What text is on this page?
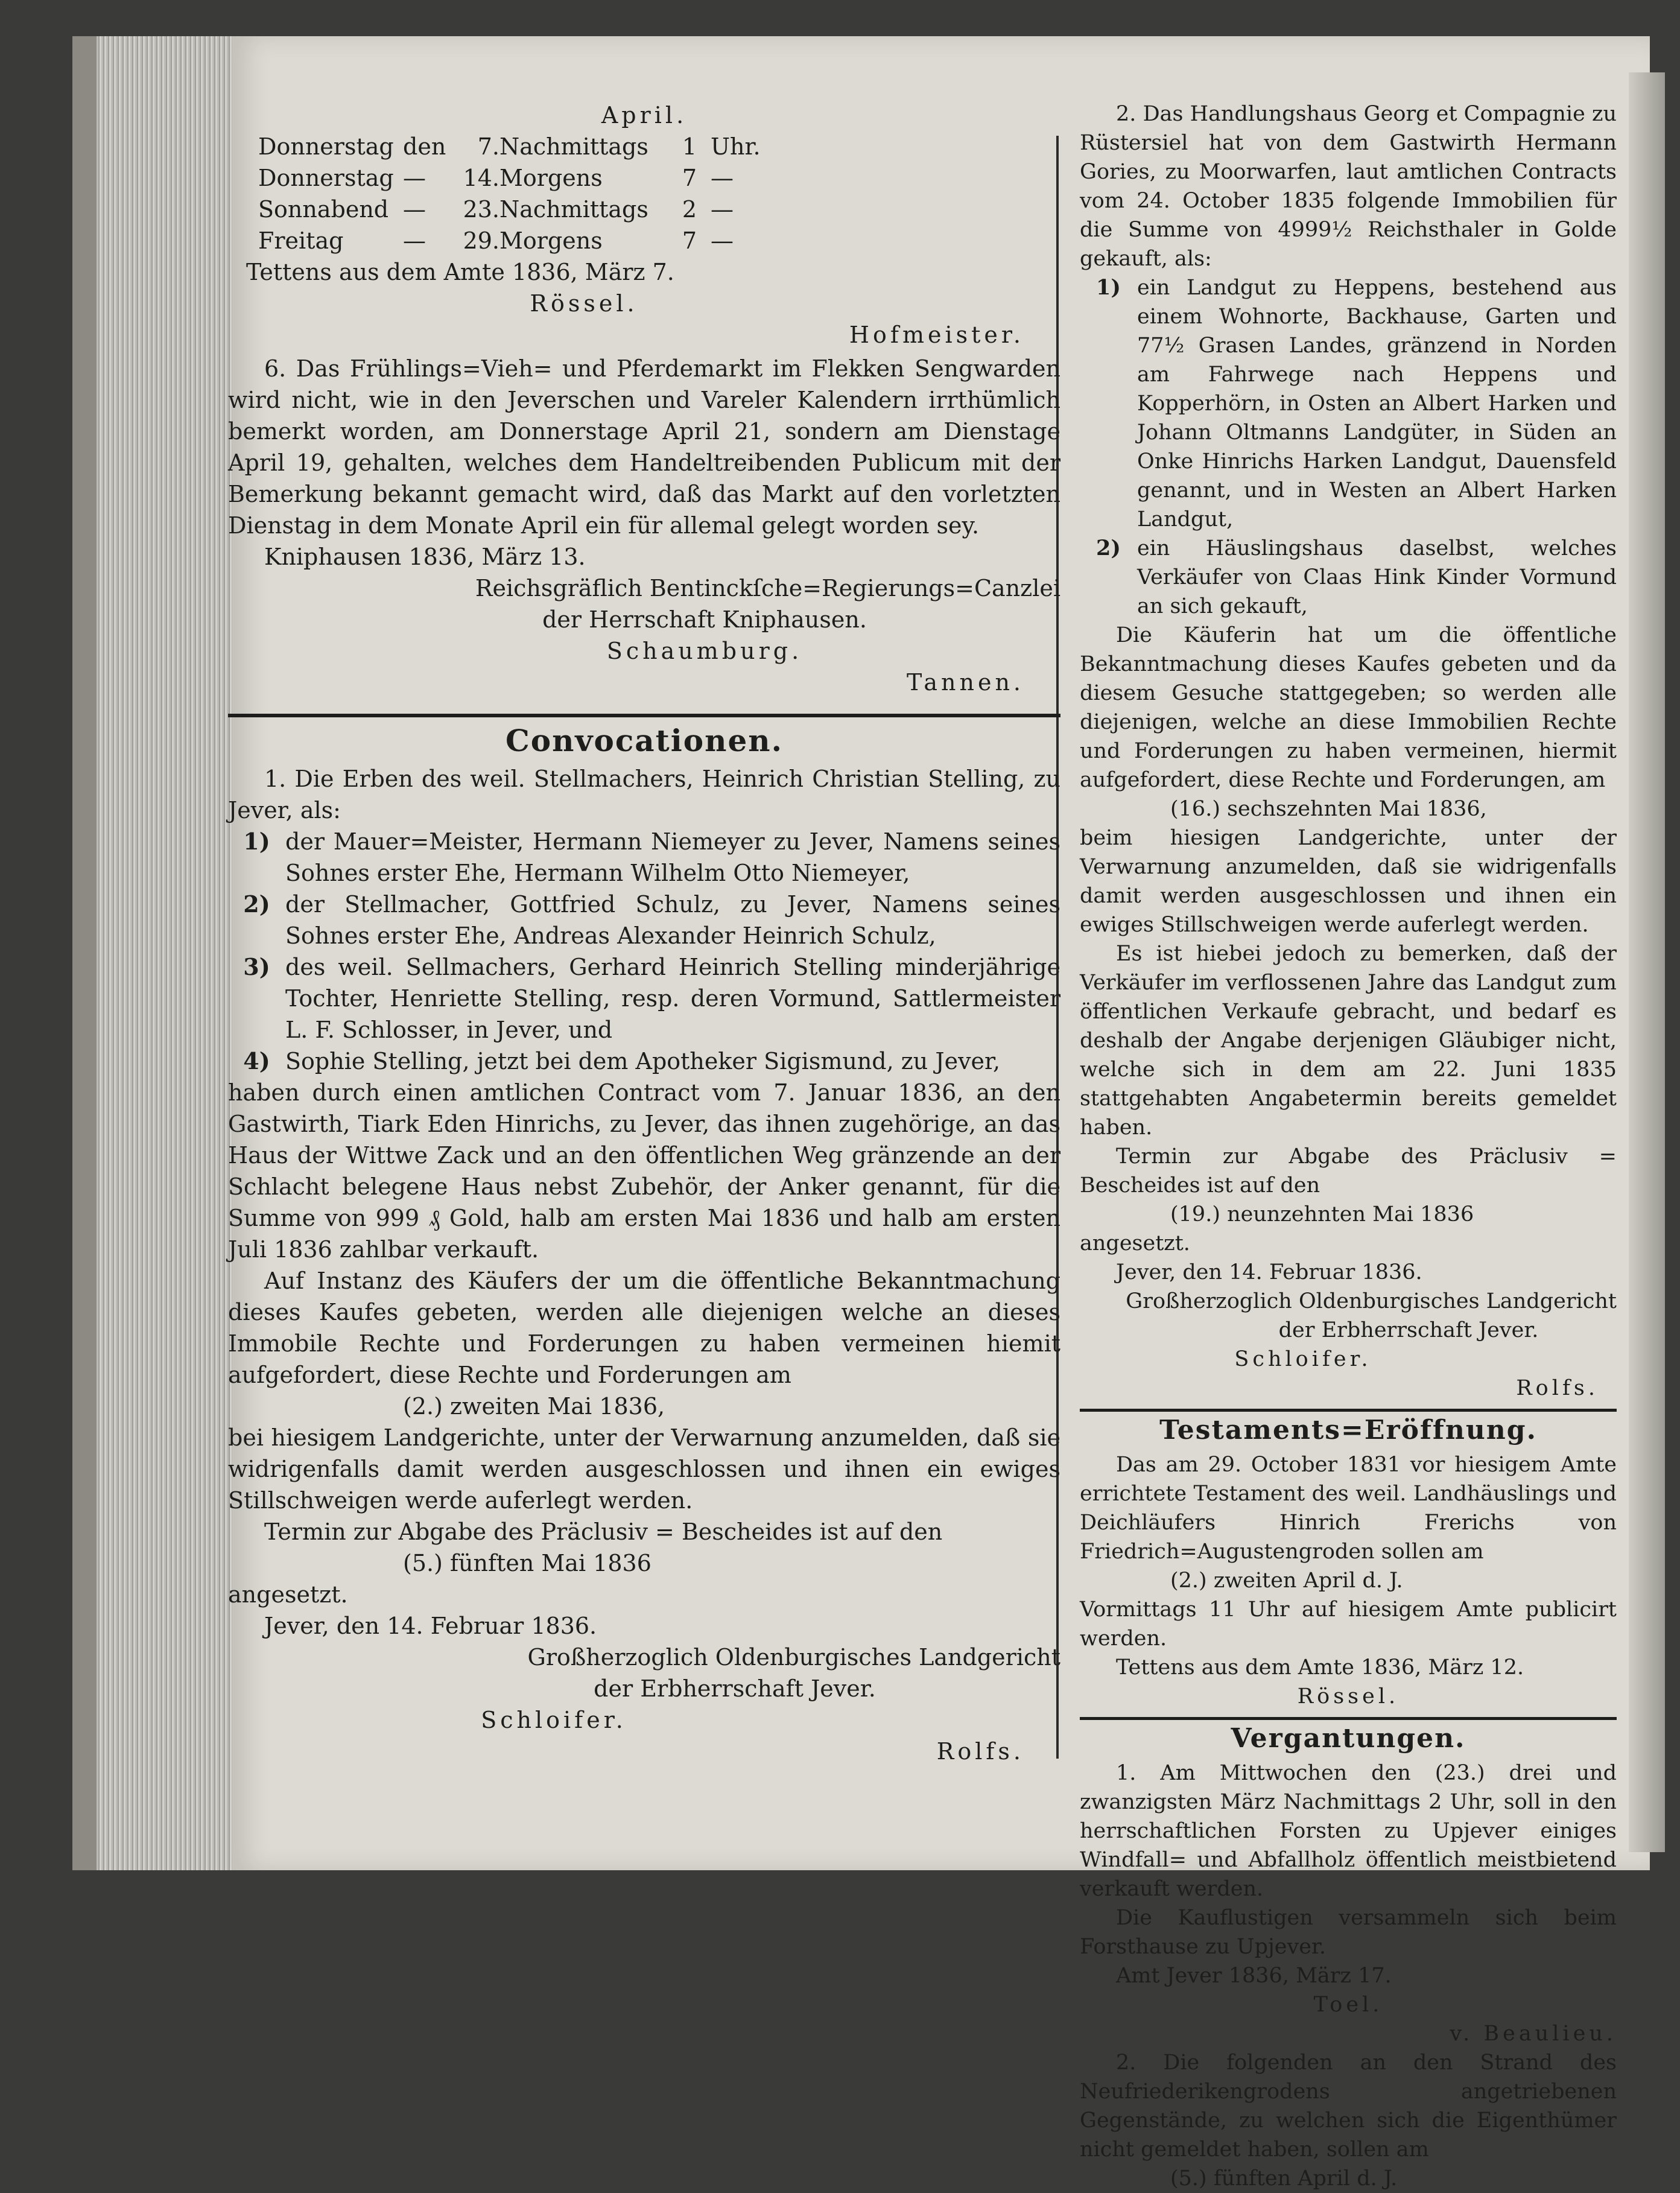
April.

Donnerstag den	7. Nachmittags	1 Uhr.
Donnerstag —	14. Morgens	7 —
Sonnabend —	23. Nachmittags	2 —
Freitag	—	29. Morgens	7 —

Tettens aus dem Amte 1836, März 7.

Rössel.

Hofmeister.

6. Das Frühlings=Vieh= und Pferdemarkt im Flekken Sengwarden wird nicht, wie in den Jeverschen und Vareler Kalendern irrthümlich bemerkt worden, am Donnerstage April 21, sondern am Dienstage April 19, gehalten, welches dem Handeltreibenden Publicum mit der Bemerkung bekannt gemacht wird, daß das Markt auf den vorletzten Dienstag in dem Monate April ein für allemal gelegt worden sey.

Kniphausen 1836, März 13.

Reichsgräflich Bentinckſche=Regierungs=Canzlei

der Herrschaft Kniphausen.

Schaumburg.

Tannen.

Convocationen.

1. Die Erben des weil. Stellmachers, Heinrich Christian Stelling, zu Jever, als:

1) der Mauer=Meister, Hermann Niemeyer zu Jever, Namens seines Sohnes erster Ehe, Hermann Wilhelm Otto Niemeyer,
2) der Stellmacher, Gottfried Schulz, zu Jever, Namens seines Sohnes erster Ehe, Andreas Alexander Heinrich Schulz,
3) des weil. Sellmachers, Gerhard Heinrich Stelling minderjährige Tochter, Henriette Stelling, resp. deren Vormund, Sattlermeister L. F. Schlosser, in Jever, und
4) Sophie Stelling, jetzt bei dem Apotheker Sigismund, zu Jever,

haben durch einen amtlichen Contract vom 7. Januar 1836, an den Gastwirth, Tiark Eden Hinrichs, zu Jever, das ihnen zugehörige, an das Haus der Wittwe Zack und an den öffentlichen Weg gränzende an der Schlacht belegene Haus nebst Zubehör, der Anker genannt, für die Summe von 999 ₰ Gold, halb am ersten Mai 1836 und halb am ersten Juli 1836 zahlbar verkauft.

Auf Instanz des Käufers der um die öffentliche Bekanntmachung dieses Kaufes gebeten, werden alle diejenigen welche an dieses Immobile Rechte und Forderungen zu haben vermeinen hiemit aufgefordert, diese Rechte und Forderungen am

(2.) zweiten Mai 1836,

bei hiesigem Landgerichte, unter der Verwarnung anzumelden, daß sie widrigenfalls damit werden ausgeschlossen und ihnen ein ewiges Stillschweigen werde auferlegt werden.

Termin zur Abgabe des Präclusiv = Bescheides ist auf den

(5.) fünften Mai 1836

angesetzt.

Jever, den 14. Februar 1836.

Großherzoglich Oldenburgisches Landgericht

der Erbherrschaft Jever.

Schloifer.

Rolfs.

2. Das Handlungshaus Georg et Compagnie zu Rüstersiel hat von dem Gastwirth Hermann Gories, zu Moorwarfen, laut amtlichen Contracts vom 24. October 1835 folgende Immobilien für die Summe von 4999½ Reichsthaler in Golde gekauft, als:

1) ein Landgut zu Heppens, bestehend aus einem Wohnorte, Backhause, Garten und 77½ Grasen Landes, gränzend in Norden am Fahrwege nach Heppens und Kopperhörn, in Osten an Albert Harken und Johann Oltmanns Landgüter, in Süden an Onke Hinrichs Harken Landgut, Dauensfeld genannt, und in Westen an Albert Harken Landgut,
2) ein Häuslingshaus daselbst, welches Verkäufer von Claas Hink Kinder Vormund an sich gekauft,

Die Käuferin hat um die öffentliche Bekanntmachung dieses Kaufes gebeten und da diesem Gesuche stattgegeben; so werden alle diejenigen, welche an diese Immobilien Rechte und Forderungen zu haben vermeinen, hiermit aufgefordert, diese Rechte und Forderungen, am

(16.) sechszehnten Mai 1836,

beim hiesigen Landgerichte, unter der Verwarnung anzumelden, daß sie widrigenfalls damit werden ausgeschlossen und ihnen ein ewiges Stillschweigen werde auferlegt werden.

Es ist hiebei jedoch zu bemerken, daß der Verkäufer im verflossenen Jahre das Landgut zum öffentlichen Verkaufe gebracht, und bedarf es deshalb der Angabe derjenigen Gläubiger nicht, welche sich in dem am 22. Juni 1835 stattgehabten Angabetermin bereits gemeldet haben.

Termin zur Abgabe des Präclusiv = Bescheides ist auf den

(19.) neunzehnten Mai 1836

angesetzt.

Jever, den 14. Februar 1836.

Großherzoglich Oldenburgisches Landgericht

der Erbherrschaft Jever.

Schloifer.

Rolfs.

Testaments=Eröffnung.

Das am 29. October 1831 vor hiesigem Amte errichtete Testament des weil. Landhäuslings und Deichläufers Hinrich Frerichs von Friedrich=Augustengroden sollen am

(2.) zweiten April d. J.

Vormittags 11 Uhr auf hiesigem Amte publicirt werden.

Tettens aus dem Amte 1836, März 12.

Rössel.

Vergantungen.

1. Am Mittwochen den (23.) drei und zwanzigsten März Nachmittags 2 Uhr, soll in den herrschaftlichen Forsten zu Upjever einiges Windfall= und Abfallholz öffentlich meistbietend verkauft werden.

Die Kauflustigen versammeln sich beim Forsthause zu Upjever.

Amt Jever 1836, März 17.

Toel.

v. Beaulieu.

2. Die folgenden an den Strand des Neufriederikengrodens angetriebenen Gegenstände, zu welchen sich die Eigenthümer nicht gemeldet haben, sollen am

(5.) fünften April d. J.
